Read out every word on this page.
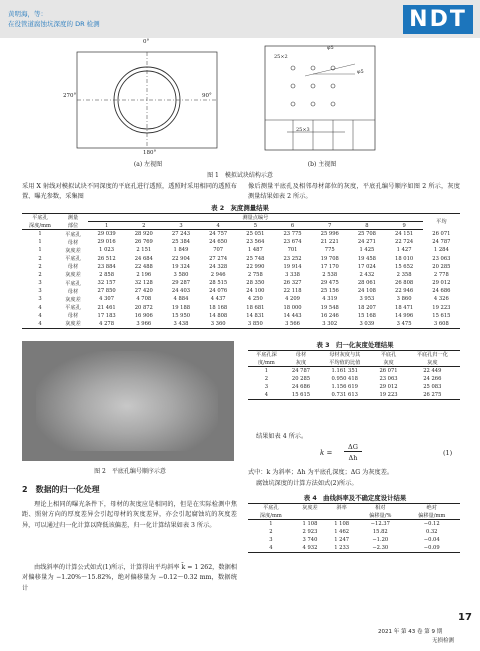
黄明海，等：
在役管道腐蚀坑深度的 DR 检测	NDT
0°
270°	90°
180°
φ5
25×2
φ5
25×3
(a) 左视图	(b) 主视图
图 1　模拟试块结构示意
采用 X 射线对模拟试块不同深度的平底孔进行透照，透照时采用相同的透照布置、曝光参数，采集图
像后测量平底孔及相邻母材部位的灰度，平底孔编号顺序如图 2 所示，灰度测量结果如表 2 所示。
表 2　灰度测量结果
平底孔	测量	测量点编号									平均
深度/mm	部位	1	2	3	4	5	6	7	8	9	
1	平底孔	29 039	28 920	27 243	24 757	25 051	23 775	25 996	25 708	24 151	26 071
1	母材	29 016	26 769	25 384	24 650	23 564	23 674	21 221	24 271	22 724	24 787
1	灰度差	1 023	2 151	1 849	707	1 487	701	775	1 425	1 427	1 284
2	平底孔	26 512	24 684	22 904	27 274	25 748	23 252	19 708	19 458	18 010	23 063
2	母材	23 884	22 488	19 324	24 328	22 990	19 914	17 170	17 024	15 652	20 285
2	灰度差	2 858	2 196	3 580	2 946	2 758	3 338	2 538	2 432	2 358	2 778
3	平底孔	32 157	32 128	29 287	28 515	28 350	26 327	29 475	28 061	26 808	29 012
3	母材	27 850	27 420	24 403	24 076	24 100	22 118	25 156	24 108	22 946	24 686
3	灰度差	4 307	4 708	4 884	4 437	4 250	4 209	4 319	3 953	3 860	4 326
4	平底孔	21 461	20 872	19 188	18 168	18 681	18 000	19 548	18 207	18 471	19 223
4	母材	17 183	16 906	15 950	14 808	14 831	14 443	16 246	15 168	14 996	15 615
4	灰度差	4 278	3 966	3 438	3 360	3 850	3 566	3 302	3 039	3 475	3 608
图 2　平底孔编号顺序示意
表 3　归一化灰度处理结果
平底孔深	母材	母材灰度与其	平底孔	平底孔归一化
度/mm	灰度	平均值的比值	灰度	灰度
1	24 787	1.161 351	26 071	22 449
2	20 285	0.950 418	23 063	24 266
3	24 686	1.156 619	29 012	25 083
4	15 615	0.731 613	19 223	26 275
结果如表 4 所示。
k =
ΔG
Δh
(1)
式中：k 为斜率；Δh 为平底孔深度；ΔG 为灰度差。
腐蚀坑深度的计算方法如式(2)所示。
表 4　曲线斜率及不确定度设计结果
平底孔	灰度差	斜率	相对	绝对
深度/mm			偏移量/%	偏移量/mm
1	1 108	1 108	−12.37	−0.12
2	2 923	1 462	15.82	0.32
3	3 740	1 247	−1.20	−0.04
4	4 932	1 233	−2.30	−0.09
2　数据的归一化处理
理论上相同的曝光条件下，母材的灰度应是相同的，但是在实际检测中焦距、照射方向的厚度差异会引起母材的灰度差异，亦会引起腐蚀坑的灰度差异，可以通过归一化计算以降低该偏差，归一化计算结果如表 3 所示。
由线斜率的计算公式如式(1)所示，计算得出平均斜率 k̄ = 1 262，数据相对偏移量为 −1.20%～15.82%，绝对偏移量为 −0.12～0.32 mm，数据统计
17
2021 年 第 43 卷 第 9 期
无损检测
